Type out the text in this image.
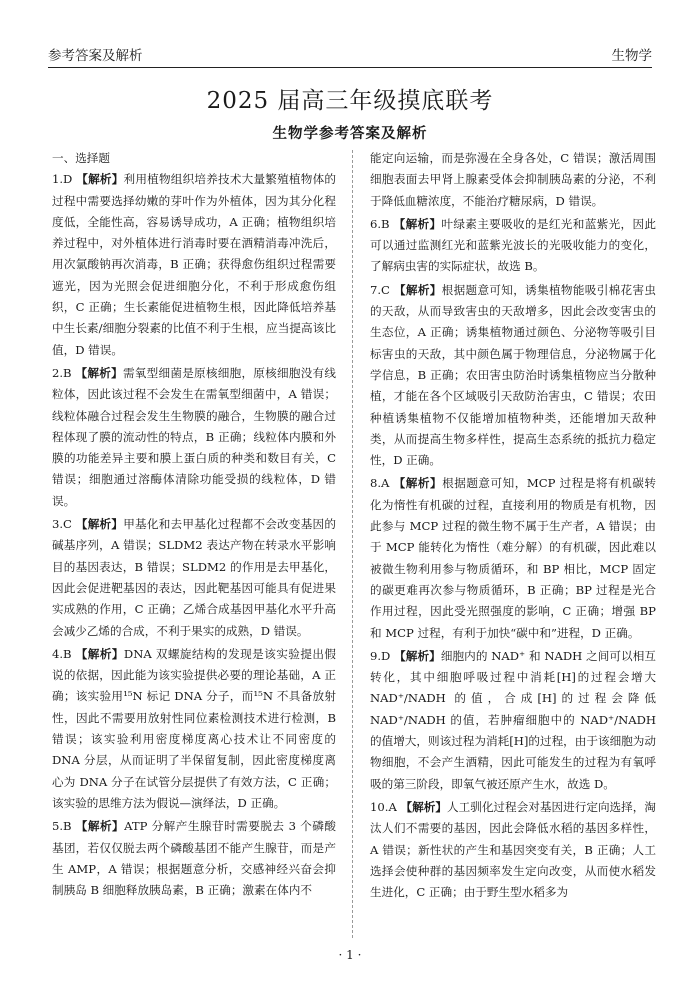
参考答案及解析	生物学
2025 届高三年级摸底联考
生物学参考答案及解析
一、选择题

1.D 【解析】利用植物组织培养技术大量繁殖植物体的过程中需要选择幼嫩的芽叶作为外植体，因为其分化程度低，全能性高，容易诱导成功，A 正确；植物组织培养过程中，对外植体进行消毒时要在酒精消毒冲洗后，用次氯酸钠再次消毒，B 正确；获得愈伤组织过程需要遮光，因为光照会促进细胞分化，不利于形成愈伤组织，C 正确；生长素能促进植物生根，因此降低培养基中生长素/细胞分裂素的比值不利于生根，应当提高该比值，D 错误。

2.B 【解析】需氧型细菌是原核细胞，原核细胞没有线粒体，因此该过程不会发生在需氧型细菌中，A 错误；线粒体融合过程会发生生物膜的融合，生物膜的融合过程体现了膜的流动性的特点，B 正确；线粒体内膜和外膜的功能差异主要和膜上蛋白质的种类和数目有关，C 错误；细胞通过溶酶体清除功能受损的线粒体，D 错误。

3.C 【解析】甲基化和去甲基化过程都不会改变基因的碱基序列，A 错误；SLDM2 表达产物在转录水平影响目的基因表达，B 错误；SLDM2 的作用是去甲基化，因此会促进靶基因的表达，因此靶基因可能具有促进果实成熟的作用，C 正确；乙烯合成基因甲基化水平升高会减少乙烯的合成，不利于果实的成熟，D 错误。

4.B 【解析】DNA 双螺旋结构的发现是该实验提出假说的依据，因此能为该实验提供必要的理论基础，A 正确；该实验用¹⁵N 标记 DNA 分子，而¹⁵N 不具备放射性，因此不需要用放射性同位素检测技术进行检测，B 错误；该实验利用密度梯度离心技术让不同密度的 DNA 分层，从而证明了半保留复制，因此密度梯度离心为 DNA 分子在试管分层提供了有效方法，C 正确；该实验的思维方法为假说—演绎法，D 正确。

5.B 【解析】ATP 分解产生腺苷时需要脱去 3 个磷酸基团，若仅仅脱去两个磷酸基团不能产生腺苷，而是产生 AMP，A 错误；根据题意分析，交感神经兴奋会抑制胰岛 B 细胞释放胰岛素，B 正确；激素在体内不

能定向运输，而是弥漫在全身各处，C 错误；激活周围细胞表面去甲肾上腺素受体会抑制胰岛素的分泌，不利于降低血糖浓度，不能治疗糖尿病，D 错误。

6.B 【解析】叶绿素主要吸收的是红光和蓝紫光，因此可以通过监测红光和蓝紫光波长的光吸收能力的变化，了解病虫害的实际症状，故选 B。

7.C 【解析】根据题意可知，诱集植物能吸引棉花害虫的天敌，从而导致害虫的天敌增多，因此会改变害虫的生态位，A 正确；诱集植物通过颜色、分泌物等吸引目标害虫的天敌，其中颜色属于物理信息，分泌物属于化学信息，B 正确；农田害虫防治时诱集植物应当分散种植，才能在各个区域吸引天敌防治害虫，C 错误；农田种植诱集植物不仅能增加植物种类，还能增加天敌种类，从而提高生物多样性，提高生态系统的抵抗力稳定性，D 正确。

8.A 【解析】根据题意可知，MCP 过程是将有机碳转化为惰性有机碳的过程，直接利用的物质是有机物，因此参与 MCP 过程的微生物不属于生产者，A 错误；由于 MCP 能转化为惰性（难分解）的有机碳，因此难以被微生物利用参与物质循环，和 BP 相比，MCP 固定的碳更难再次参与物质循环，B 正确；BP 过程是光合作用过程，因此受光照强度的影响，C 正确；增强 BP 和 MCP 过程，有利于加快“碳中和”进程，D 正确。

9.D 【解析】细胞内的 NAD⁺ 和 NADH 之间可以相互转化，其中细胞呼吸过程中消耗[H]的过程会增大 NAD⁺/NADH 的值，合成[H]的过程会降低 NAD⁺/NADH 的值，若肿瘤细胞中的 NAD⁺/NADH的值增大，则该过程为消耗[H]的过程，由于该细胞为动物细胞，不会产生酒精，因此可能发生的过程为有氧呼吸的第三阶段，即氧气被还原产生水，故选 D。

10.A 【解析】人工驯化过程会对基因进行定向选择，淘汰人们不需要的基因，因此会降低水稻的基因多样性，A 错误；新性状的产生和基因突变有关，B 正确；人工选择会使种群的基因频率发生定向改变，从而使水稻发生进化，C 正确；由于野生型水稻多为

· 1 ·
